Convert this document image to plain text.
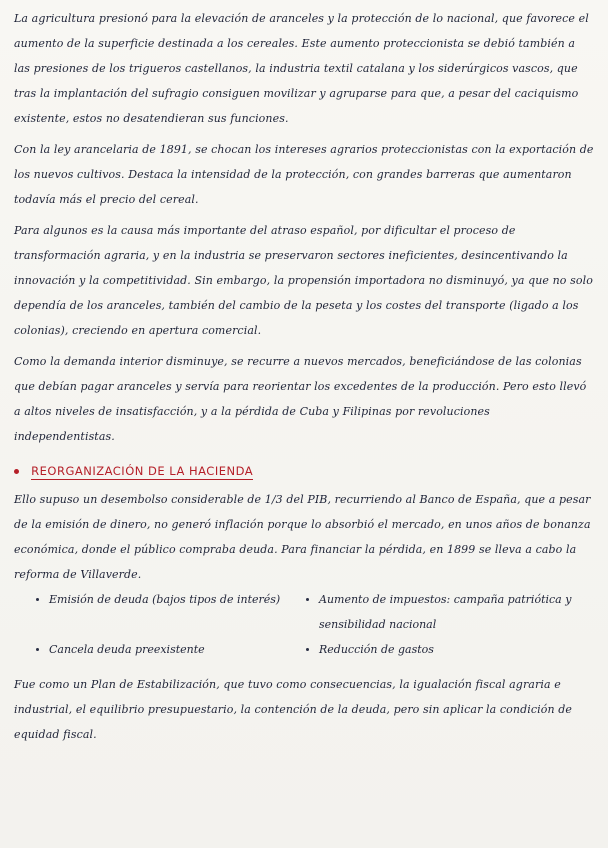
La agricultura presionó para la elevación de aranceles y la protección de lo nacional, que favorece el aumento de la superficie destinada a los cereales. Este aumento proteccionista se debió también a las presiones de los trigueros castellanos, la industria textil catalana y los siderúrgicos vascos, que tras la implantación del sufragio consiguen movilizar y agruparse para que, a pesar del caciquismo existente, estos no desatendieran sus funciones.

Con la ley arancelaria de 1891, se chocan los intereses agrarios proteccionistas con la exportación de los nuevos cultivos. Destaca la intensidad de la protección, con grandes barreras que aumentaron todavía más el precio del cereal.

Para algunos es la causa más importante del atraso español, por dificultar el proceso de transformación agraria, y en la industria se preservaron sectores ineficientes, desincentivando la innovación y la competitividad. Sin embargo, la propensión importadora no disminuyó, ya que no solo dependía de los aranceles, también del cambio de la peseta y los costes del transporte (ligado a los colonias), creciendo en apertura comercial.

Como la demanda interior disminuye, se recurre a nuevos mercados, beneficiándose de las colonias que debían pagar aranceles y servía para reorientar los excedentes de la producción. Pero esto llevó a altos niveles de insatisfacción, y a la pérdida de Cuba y Filipinas por revoluciones independentistas.

REORGANIZACIÓN DE LA HACIENDA

Ello supuso un desembolso considerable de 1/3 del PIB, recurriendo al Banco de España, que a pesar de la emisión de dinero, no generó inflación porque lo absorbió el mercado, en unos años de bonanza económica, donde el público compraba deuda. Para financiar la pérdida, en 1899 se lleva a cabo la reforma de Villaverde.

Emisión de deuda (bajos tipos de interés)	Aumento de impuestos: campaña patriótica y sensibilidad nacional
Cancela deuda preexistente	Reducción de gastos

Fue como un Plan de Estabilización, que tuvo como consecuencias, la igualación fiscal agraria e industrial, el equilibrio presupuestario, la contención de la deuda, pero sin aplicar la condición de equidad fiscal.
